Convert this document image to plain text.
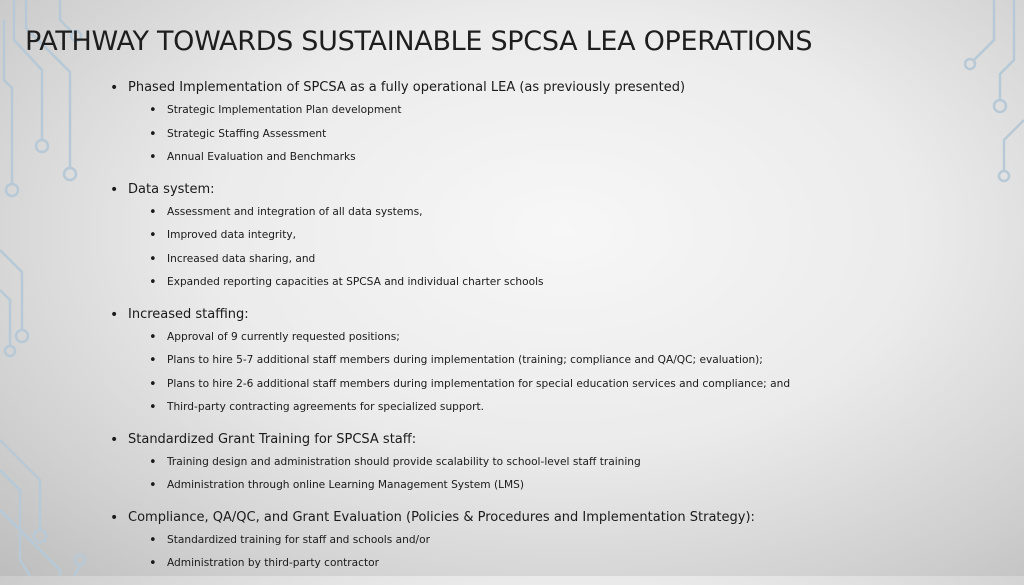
PATHWAY TOWARDS SUSTAINABLE SPCSA LEA OPERATIONS
• Phased Implementation of SPCSA as a fully operational LEA (as previously presented)
• Strategic Implementation Plan development
• Strategic Staffing Assessment
• Annual Evaluation and Benchmarks
• Data system:
• Assessment and integration of all data systems,
• Improved data integrity,
• Increased data sharing, and
• Expanded reporting capacities at SPCSA and individual charter schools
• Increased staffing:
• Approval of 9 currently requested positions;
• Plans to hire 5-7 additional staff members during implementation (training; compliance and QA/QC; evaluation);
• Plans to hire 2-6 additional staff members during implementation for special education services and compliance; and
• Third-party contracting agreements for specialized support.
• Standardized Grant Training for SPCSA staff:
• Training design and administration should provide scalability to school-level staff training
• Administration through online Learning Management System (LMS)
• Compliance, QA/QC, and Grant Evaluation (Policies & Procedures and Implementation Strategy):
• Standardized training for staff and schools and/or
• Administration by third-party contractor
